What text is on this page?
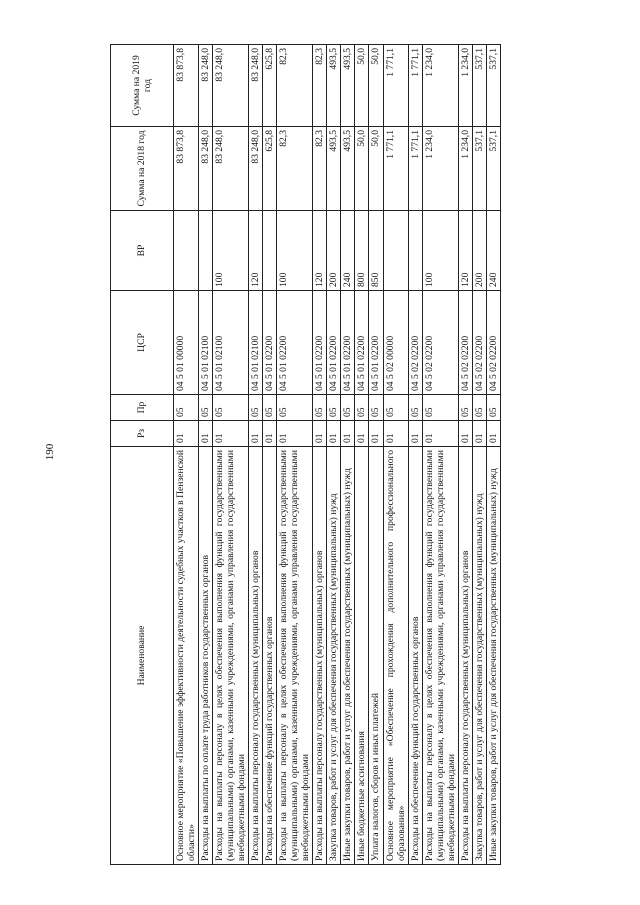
190
Наименование	Рз	Пр	ЦСР	ВР	Сумма на 2018 год	Сумма на 2019 год
Основное мероприятие «Повышение эффективности деятельности судебных участков в Пензенской области»	01	05	04 5 01 00000		83 873,8	83 873,8
Расходы на выплаты по оплате труда работников государственных органов	01	05	04 5 01 02100		83 248,0	83 248,0
Расходы на выплаты персоналу в целях обеспечения выполнения функций государственными (муниципальными) органами, казенными учреждениями, органами управления государственными внебюджетными фондами	01	05	04 5 01 02100	100	83 248,0	83 248,0
Расходы на выплаты персоналу государственных (муниципальных) органов	01	05	04 5 01 02100	120	83 248,0	83 248,0
Расходы на обеспечение функций государственных органов	01	05	04 5 01 02200		625,8	625,8
Расходы на выплаты персоналу в целях обеспечения выполнения функций государственными (муниципальными) органами, казенными учреждениями, органами управления государственными внебюджетными фондами	01	05	04 5 01 02200	100	82,3	82,3
Расходы на выплаты персоналу государственных (муниципальных) органов	01	05	04 5 01 02200	120	82,3	82,3
Закупка товаров, работ и услуг для обеспечения государственных (муниципальных) нужд	01	05	04 5 01 02200	200	493,5	493,5
Иные закупки товаров, работ и услуг для обеспечения государственных (муниципальных) нужд	01	05	04 5 01 02200	240	493,5	493,5
Иные бюджетные ассигнования	01	05	04 5 01 02200	800	50,0	50,0
Уплата налогов, сборов и иных платежей	01	05	04 5 01 02200	850	50,0	50,0
Основное мероприятие «Обеспечение прохождения дополнительного профессионального образования»	01	05	04 5 02 00000		1 771,1	1 771,1
Расходы на обеспечение функций государственных органов	01	05	04 5 02 02200		1 771,1	1 771,1
Расходы на выплаты персоналу в целях обеспечения выполнения функций государственными (муниципальными) органами, казенными учреждениями, органами управления государственными внебюджетными фондами	01	05	04 5 02 02200	100	1 234,0	1 234,0
Расходы на выплаты персоналу государственных (муниципальных) органов	01	05	04 5 02 02200	120	1 234,0	1 234,0
Закупка товаров, работ и услуг для обеспечения государственных (муниципальных) нужд	01	05	04 5 02 02200	200	537,1	537,1
Иные закупки товаров, работ и услуг для обеспечения государственных (муниципальных) нужд	01	05	04 5 02 02200	240	537,1	537,1
